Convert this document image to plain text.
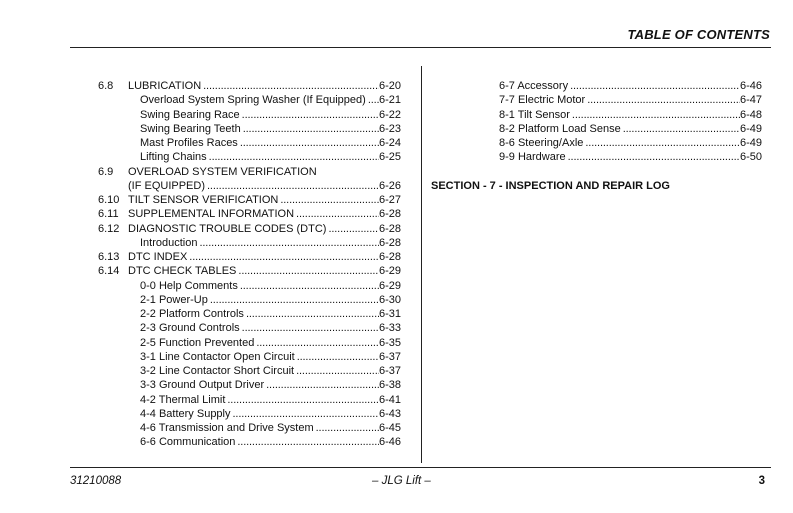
TABLE OF CONTENTS
6.8 LUBRICATION . . .	6-20
Overload System Spring Washer (If Equipped) . . . 6-21
Swing Bearing Race . . .	6-22
Swing Bearing Teeth . . .	6-23
Mast Profiles Races . . .	6-24
Lifting Chains . . .	6-25
6.9 OVERLOAD SYSTEM VERIFICATION
(IF EQUIPPED) . . .	6-26
6.10 TILT SENSOR VERIFICATION . . .	6-27
6.11 SUPPLEMENTAL INFORMATION . . .	6-28
6.12 DIAGNOSTIC TROUBLE CODES (DTC) . . .	6-28
Introduction . . .	6-28
6.13 DTC INDEX . . .	6-28
6.14 DTC CHECK TABLES . . .	6-29
0-0 Help Comments . . .	6-29
2-1 Power-Up . . .	6-30
2-2 Platform Controls . . .	6-31
2-3 Ground Controls . . .	6-33
2-5 Function Prevented . . .	6-35
3-1 Line Contactor Open Circuit . . .	6-37
3-2 Line Contactor Short Circuit . . .	6-37
3-3 Ground Output Driver . . .	6-38
4-2 Thermal Limit . . .	6-41
4-4 Battery Supply . . .	6-43
4-6 Transmission and Drive System . . .	6-45
6-6 Communication . . .	6-46
6-7 Accessory . . .	6-46
7-7 Electric Motor . . .	6-47
8-1 Tilt Sensor . . .	6-48
8-2 Platform Load Sense . . .	6-49
8-6 Steering/Axle . . .	6-49
9-9 Hardware . . .	6-50
SECTION - 7 - INSPECTION AND REPAIR LOG
31210088	– JLG Lift –	3
